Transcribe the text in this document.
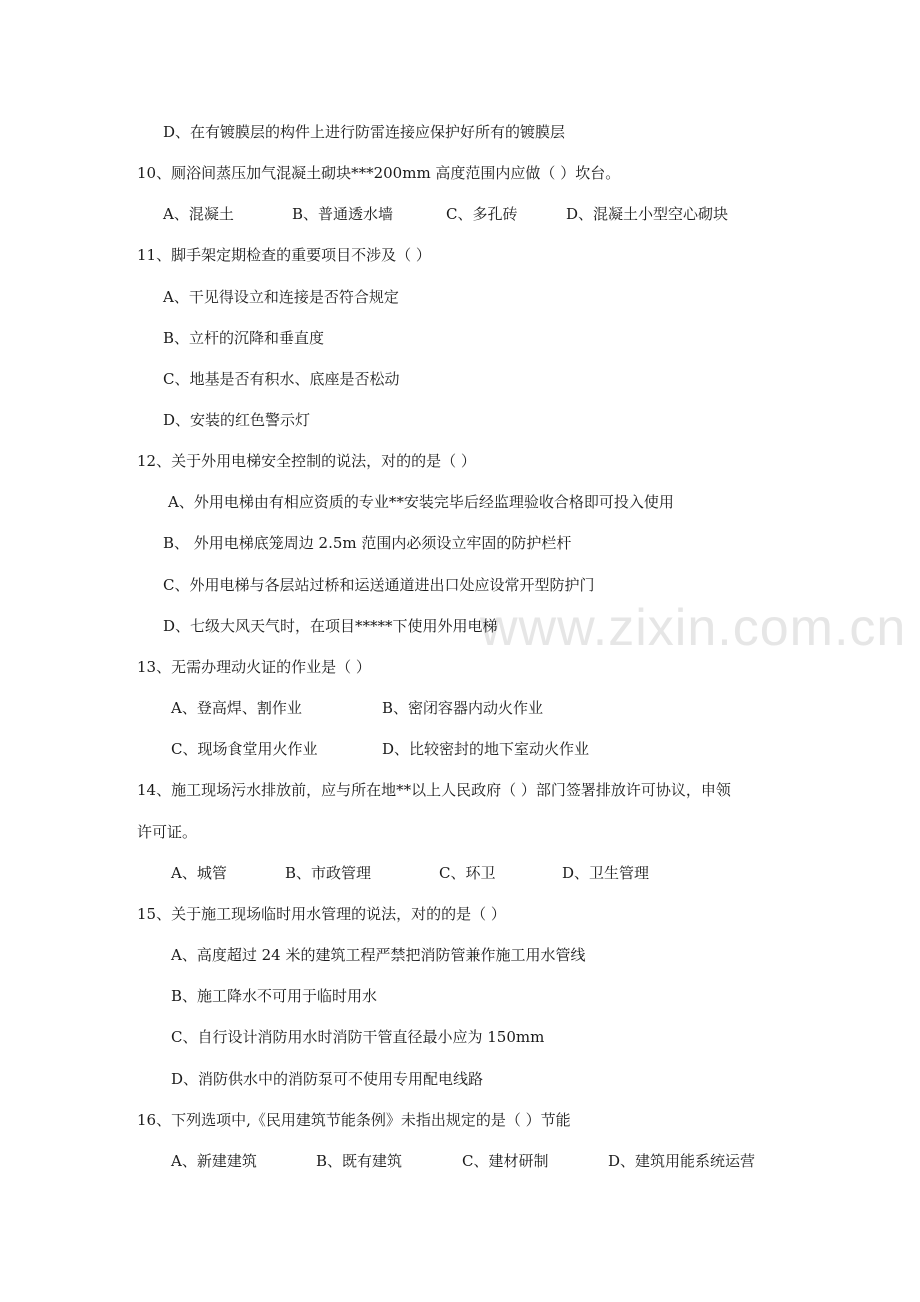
www.zixin.com.cn
D、在有镀膜层的构件上进行防雷连接应保护好所有的镀膜层
10、厕浴间蒸压加气混凝土砌块***200mm 高度范围内应做（ ）坎台。
A、混凝土	B、普通透水墙	C、多孔砖	D、混凝土小型空心砌块
11、脚手架定期检查的重要项目不涉及（ ）
A、干见得设立和连接是否符合规定
B、立杆的沉降和垂直度
C、地基是否有积水、底座是否松动
D、安装的红色警示灯
12、关于外用电梯安全控制的说法，对的的是（ ）
A、外用电梯由有相应资质的专业**安装完毕后经监理验收合格即可投入使用
B、 外用电梯底笼周边 2.5m 范围内必须设立牢固的防护栏杆
C、外用电梯与各层站过桥和运送通道进出口处应设常开型防护门
D、七级大风天气时，在项目*****下使用外用电梯
13、无需办理动火证的作业是（ ）
A、登高焊、割作业	B、密闭容器内动火作业
C、现场食堂用火作业	D、比较密封的地下室动火作业
14、施工现场污水排放前，应与所在地**以上人民政府（ ）部门签署排放许可协议，申领
许可证。
A、城管	B、市政管理	C、环卫	D、卫生管理
15、关于施工现场临时用水管理的说法，对的的是（ ）
A、高度超过 24 米的建筑工程严禁把消防管兼作施工用水管线
B、施工降水不可用于临时用水
C、自行设计消防用水时消防干管直径最小应为 150mm
D、消防供水中的消防泵可不使用专用配电线路
16、下列选项中,《民用建筑节能条例》未指出规定的是（ ）节能
A、新建建筑	B、既有建筑	C、建材研制	D、建筑用能系统运营
